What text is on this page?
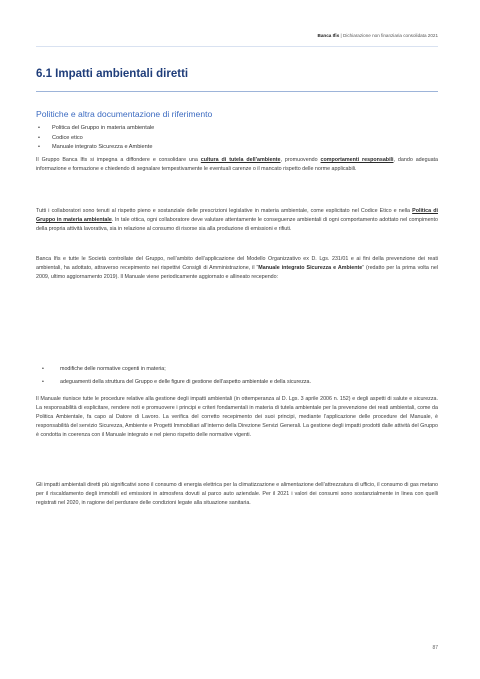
Banca Ifis | Dichiarazione non finanziaria consolidata 2021
6.1 Impatti ambientali diretti
Politiche e altra documentazione di riferimento
• Politica del Gruppo in materia ambientale
• Codice etico
• Manuale integrato Sicurezza e Ambiente

Il Gruppo Banca Ifis si impegna a diffondere e consolidare una cultura di tutela dell’ambiente, promuovendo comportamenti responsabili, dando adeguata informazione e formazione e chiedendo di segnalare tempestivamente le eventuali carenze o il mancato rispetto delle norme applicabili.

Tutti i collaboratori sono tenuti al rispetto pieno e sostanziale delle prescrizioni legislative in materia ambientale, come esplicitato nel Codice Etico e nella Politica di Gruppo in materia ambientale. In tale ottica, ogni collaboratore deve valutare attentamente le conseguenze ambientali di ogni comportamento adottato nel compimento della propria attività lavorativa, sia in relazione al consumo di risorse sia alla produzione di emissioni e rifiuti.

Banca Ifis e tutte le Società controllate del Gruppo, nell’ambito dell’applicazione del Modello Organizzativo ex D. Lgs. 231/01 e ai fini della prevenzione dei reati ambientali, ha adottato, attraverso recepimento nei rispettivi Consigli di Amministrazione, il “Manuale integrato Sicurezza e Ambiente” (redatto per la prima volta nel 2009, ultimo aggiornamento 2019). Il Manuale viene periodicamente aggiornato e allineato recependo:

• modifiche delle normative cogenti in materia;
• adeguamenti della struttura del Gruppo e delle figure di gestione dell’aspetto ambientale e della sicurezza.

Il Manuale riunisce tutte le procedure relative alla gestione degli impatti ambientali (in ottemperanza al D. Lgs. 3 aprile 2006 n. 152) e degli aspetti di salute e sicurezza. La responsabilità di esplicitare, rendere noti e promuovere i principi e criteri fondamentali in materia di tutela ambientale per la prevenzione dei reati ambientali, come da Politica Ambientale, fa capo al Datore di Lavoro. La verifica del corretto recepimento dei suoi principi, mediante l’applicazione delle procedure del Manuale, è responsabilità del servizio Sicurezza, Ambiente e Progetti Immobiliari all’interno della Direzione Servizi Generali. La gestione degli impatti prodotti dalle attività del Gruppo è condotta in coerenza con il Manuale integrato e nel pieno rispetto delle normative vigenti.

Gli impatti ambientali diretti più significativi sono il consumo di energia elettrica per la climatizzazione e alimentazione dell’attrezzatura di ufficio, il consumo di gas metano per il riscaldamento degli immobili ed emissioni in atmosfera dovuti al parco auto aziendale. Per il 2021 i valori dei consumi sono sostanzialmente in linea con quelli registrati nel 2020, in ragione del perdurare delle condizioni legate alla situazione sanitaria.

87
